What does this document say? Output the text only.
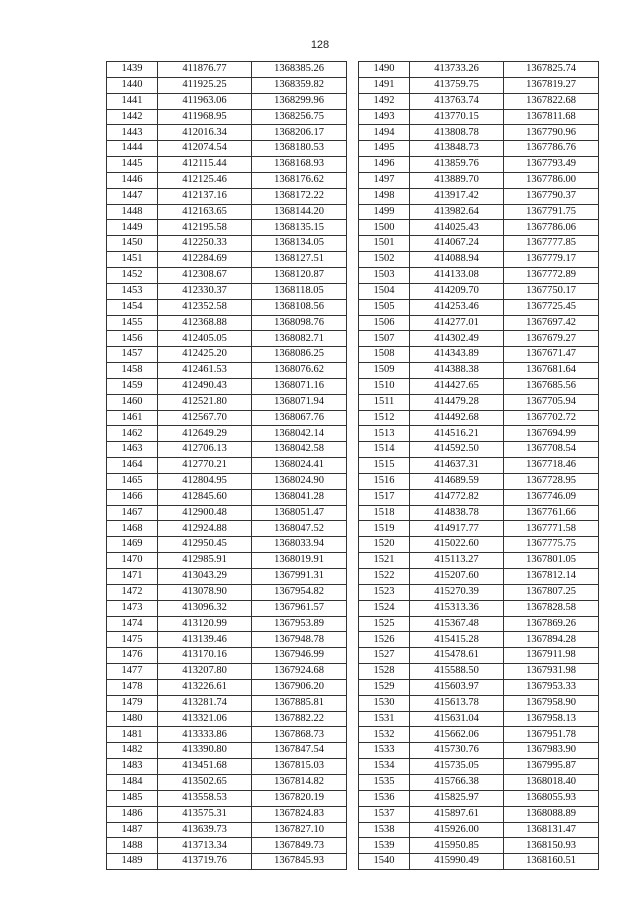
128
1439	411876.77	1368385.26
1440	411925.25	1368359.82
1441	411963.06	1368299.96
1442	411968.95	1368256.75
1443	412016.34	1368206.17
1444	412074.54	1368180.53
1445	412115.44	1368168.93
1446	412125.46	1368176.62
1447	412137.16	1368172.22
1448	412163.65	1368144.20
1449	412195.58	1368135.15
1450	412250.33	1368134.05
1451	412284.69	1368127.51
1452	412308.67	1368120.87
1453	412330.37	1368118.05
1454	412352.58	1368108.56
1455	412368.88	1368098.76
1456	412405.05	1368082.71
1457	412425.20	1368086.25
1458	412461.53	1368076.62
1459	412490.43	1368071.16
1460	412521.80	1368071.94
1461	412567.70	1368067.76
1462	412649.29	1368042.14
1463	412706.13	1368042.58
1464	412770.21	1368024.41
1465	412804.95	1368024.90
1466	412845.60	1368041.28
1467	412900.48	1368051.47
1468	412924.88	1368047.52
1469	412950.45	1368033.94
1470	412985.91	1368019.91
1471	413043.29	1367991.31
1472	413078.90	1367954.82
1473	413096.32	1367961.57
1474	413120.99	1367953.89
1475	413139.46	1367948.78
1476	413170.16	1367946.99
1477	413207.80	1367924.68
1478	413226.61	1367906.20
1479	413281.74	1367885.81
1480	413321.06	1367882.22
1481	413333.86	1367868.73
1482	413390.80	1367847.54
1483	413451.68	1367815.03
1484	413502.65	1367814.82
1485	413558.53	1367820.19
1486	413575.31	1367824.83
1487	413639.73	1367827.10
1488	413713.34	1367849.73
1489	413719.76	1367845.93
1490	413733.26	1367825.74
1491	413759.75	1367819.27
1492	413763.74	1367822.68
1493	413770.15	1367811.68
1494	413808.78	1367790.96
1495	413848.73	1367786.76
1496	413859.76	1367793.49
1497	413889.70	1367786.00
1498	413917.42	1367790.37
1499	413982.64	1367791.75
1500	414025.43	1367786.06
1501	414067.24	1367777.85
1502	414088.94	1367779.17
1503	414133.08	1367772.89
1504	414209.70	1367750.17
1505	414253.46	1367725.45
1506	414277.01	1367697.42
1507	414302.49	1367679.27
1508	414343.89	1367671.47
1509	414388.38	1367681.64
1510	414427.65	1367685.56
1511	414479.28	1367705.94
1512	414492.68	1367702.72
1513	414516.21	1367694.99
1514	414592.50	1367708.54
1515	414637.31	1367718.46
1516	414689.59	1367728.95
1517	414772.82	1367746.09
1518	414838.78	1367761.66
1519	414917.77	1367771.58
1520	415022.60	1367775.75
1521	415113.27	1367801.05
1522	415207.60	1367812.14
1523	415270.39	1367807.25
1524	415313.36	1367828.58
1525	415367.48	1367869.26
1526	415415.28	1367894.28
1527	415478.61	1367911.98
1528	415588.50	1367931.98
1529	415603.97	1367953.33
1530	415613.78	1367958.90
1531	415631.04	1367958.13
1532	415662.06	1367951.78
1533	415730.76	1367983.90
1534	415735.05	1367995.87
1535	415766.38	1368018.40
1536	415825.97	1368055.93
1537	415897.61	1368088.89
1538	415926.00	1368131.47
1539	415950.85	1368150.93
1540	415990.49	1368160.51
